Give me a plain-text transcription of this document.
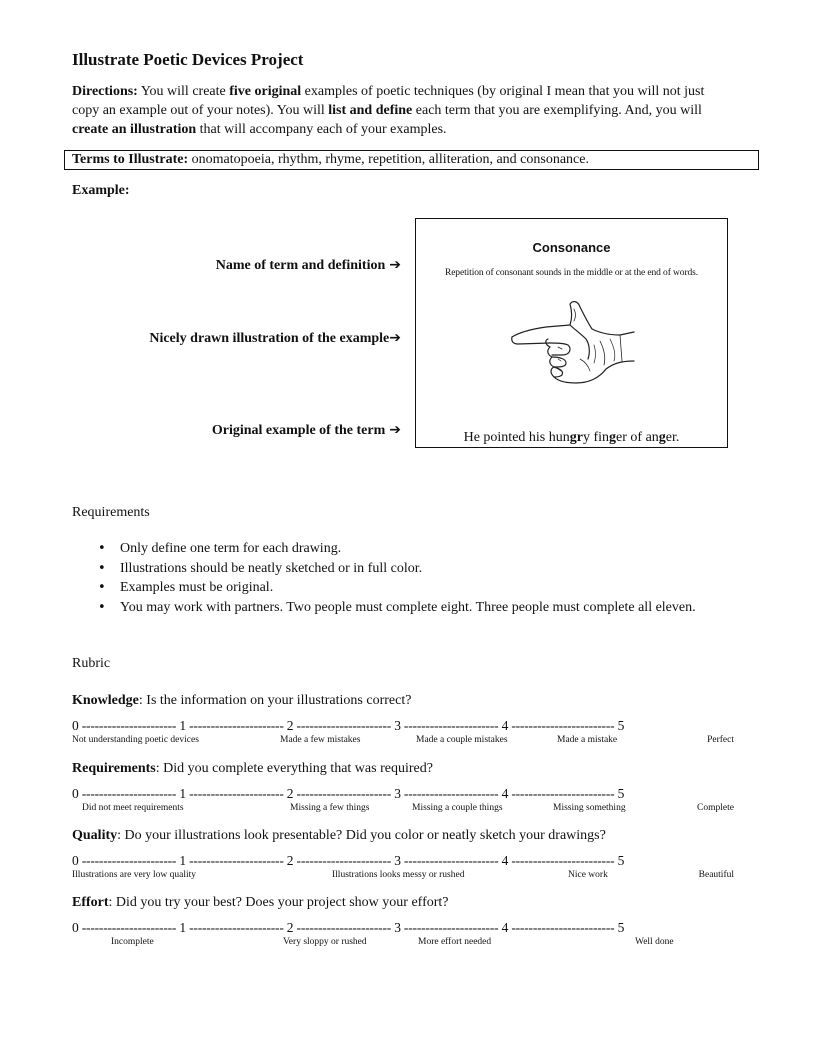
Illustrate Poetic Devices Project
Directions: You will create five original examples of poetic techniques (by original I mean that you will not just copy an example out of your notes). You will list and define each term that you are exemplifying. And, you will create an illustration that will accompany each of your examples.
Terms to Illustrate: onomatopoeia, rhythm, rhyme, repetition, alliteration, and consonance.
Example:
Name of term and definition ➔
Nicely drawn illustration of the example➔
Original example of the term ➔
Consonance
Repetition of consonant sounds in the middle or at the end of words.
He pointed his hungry finger of anger.
Requirements
• Only define one term for each drawing.
• Illustrations should be neatly sketched or in full color.
• Examples must be original.
• You may work with partners. Two people must complete eight. Three people must complete all eleven.
Rubric
Knowledge: Is the information on your illustrations correct?
0 ---------------------- 1 ---------------------- 2 ---------------------- 3 ---------------------- 4 ------------------------ 5
Not understanding poetic devices	Made a few mistakes	Made a couple mistakes	Made a mistake	Perfect
Requirements: Did you complete everything that was required?
0 ---------------------- 1 ---------------------- 2 ---------------------- 3 ---------------------- 4 ------------------------ 5
Did not meet requirements	Missing a few things	Missing a couple things	Missing something	Complete
Quality: Do your illustrations look presentable? Did you color or neatly sketch your drawings?
0 ---------------------- 1 ---------------------- 2 ---------------------- 3 ---------------------- 4 ------------------------ 5
Illustrations are very low quality	Illustrations looks messy or rushed	Nice work	Beautiful
Effort: Did you try your best? Does your project show your effort?
0 ---------------------- 1 ---------------------- 2 ---------------------- 3 ---------------------- 4 ------------------------ 5
Incomplete	Very sloppy or rushed	More effort needed	Well done
